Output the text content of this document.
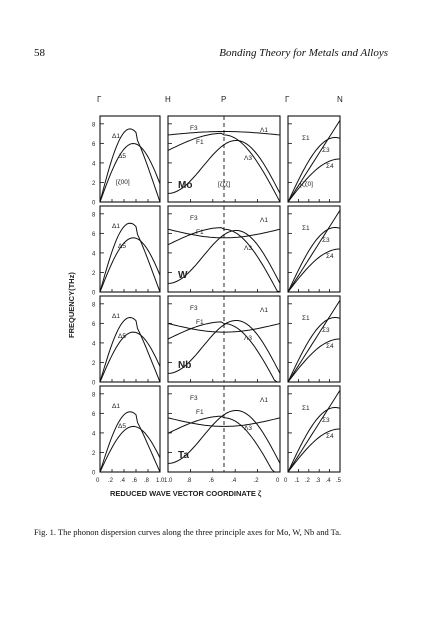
58	Bonding Theory for Metals and Alloys
Γ	H	P	Γ	N
FREQUENCY(THz)
0
2
4
6
8
Mo
Δ1
Δ5
F3
F1
Λ1
Λ3
Σ1
Σ3
Σ4
0
2
4
6
8
W
Δ1
Δ5
F3
F1
Λ1
Λ3
Σ1
Σ3
Σ4
0
2
4
6
8
Nb
Δ1
Δ5
F3
F1
Λ1
Λ3
Σ1
Σ3
Σ4
0
2
4
6
8
Ta
Δ1
Δ5
F3
F1
Λ1
Λ3
Σ1
Σ3
Σ4
[ζ00]	[ζζζ]	[ζζ0]
0 .2 .4 .6 .8 1.0 1.0 .8	.6	.4	.2	0 0 .1 .2 .3 .4 .5
REDUCED WAVE VECTOR COORDINATE ζ
Fig. 1. The phonon dispersion curves along the three principle axes for Mo, W, Nb and Ta.
